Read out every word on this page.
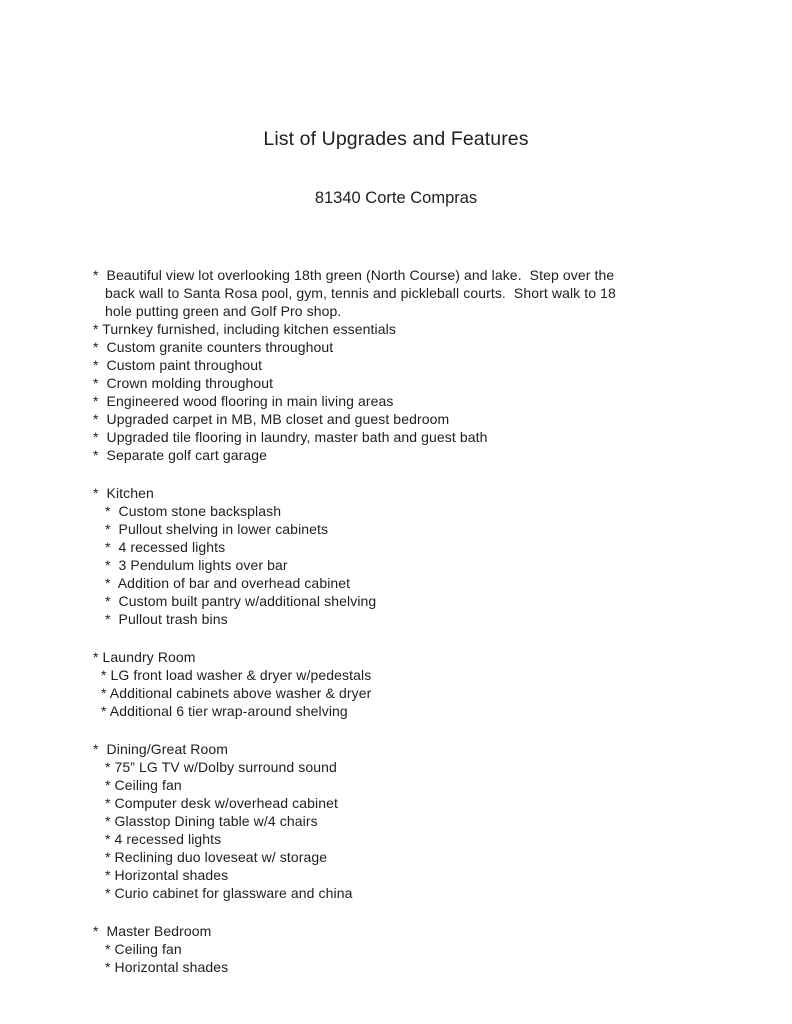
List of Upgrades and Features

81340 Corte Compras

*  Beautiful view lot overlooking 18th green (North Course) and lake.  Step over the
back wall to Santa Rosa pool, gym, tennis and pickleball courts.  Short walk to 18
hole putting green and Golf Pro shop.
* Turnkey furnished, including kitchen essentials
*  Custom granite counters throughout
*  Custom paint throughout
*  Crown molding throughout
*  Engineered wood flooring in main living areas
*  Upgraded carpet in MB, MB closet and guest bedroom
*  Upgraded tile flooring in laundry, master bath and guest bath
*  Separate golf cart garage
*  Kitchen
*  Custom stone backsplash
*  Pullout shelving in lower cabinets
*  4 recessed lights
*  3 Pendulum lights over bar
*  Addition of bar and overhead cabinet
*  Custom built pantry w/additional shelving
*  Pullout trash bins
* Laundry Room
* LG front load washer & dryer w/pedestals
* Additional cabinets above washer & dryer
* Additional 6 tier wrap-around shelving
*  Dining/Great Room
* 75” LG TV w/Dolby surround sound
* Ceiling fan
* Computer desk w/overhead cabinet
* Glasstop Dining table w/4 chairs
* 4 recessed lights
* Reclining duo loveseat w/ storage
* Horizontal shades
* Curio cabinet for glassware and china
*  Master Bedroom
* Ceiling fan
* Horizontal shades
